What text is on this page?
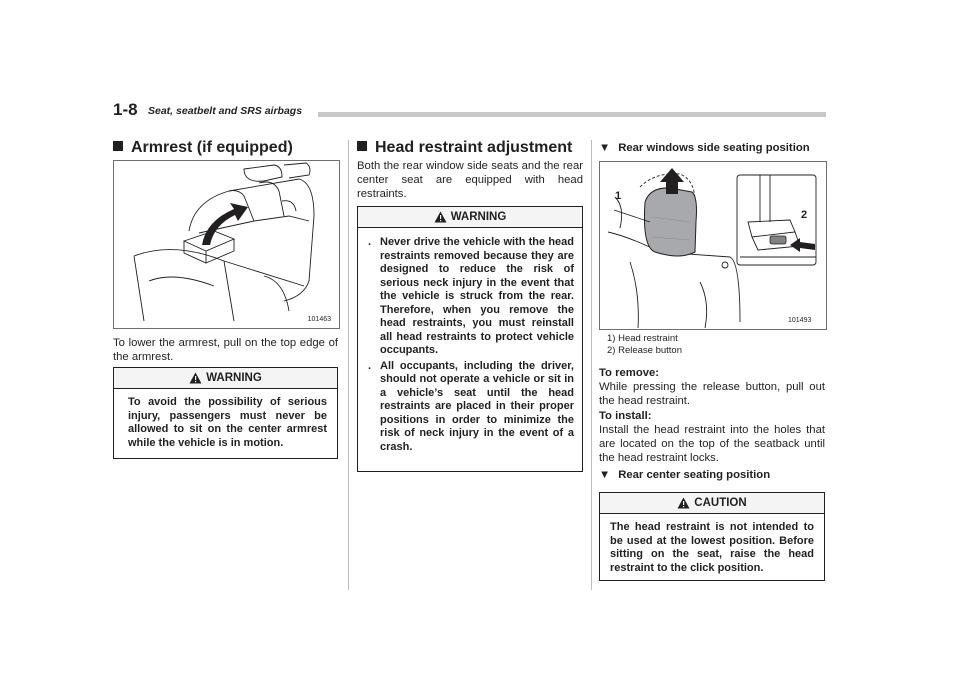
1-8 Seat, seatbelt and SRS airbags
Armrest (if equipped)
101463
To lower the armrest, pull on the top edge of the armrest.
WARNING
To avoid the possibility of serious injury, passengers must never be allowed to sit on the center armrest while the vehicle is in motion.
Head restraint adjustment
Both the rear window side seats and the rear center seat are equipped with head restraints.
WARNING
. Never drive the vehicle with the head restraints removed because they are designed to reduce the risk of serious neck injury in the event that the vehicle is struck from the rear. Therefore, when you remove the head restraints, you must reinstall all head restraints to protect vehicle occupants.
. All occupants, including the driver, should not operate a vehicle or sit in a vehicle’s seat until the head restraints are placed in their proper positions in order to minimize the risk of neck injury in the event of a crash.
▼ Rear windows side seating position
1
2
101493
1) Head restraint
2) Release button
To remove:
While pressing the release button, pull out the head restraint.
To install:
Install the head restraint into the holes that are located on the top of the seatback until the head restraint locks.
▼ Rear center seating position
CAUTION
The head restraint is not intended to be used at the lowest position. Before sitting on the seat, raise the head restraint to the click position.
